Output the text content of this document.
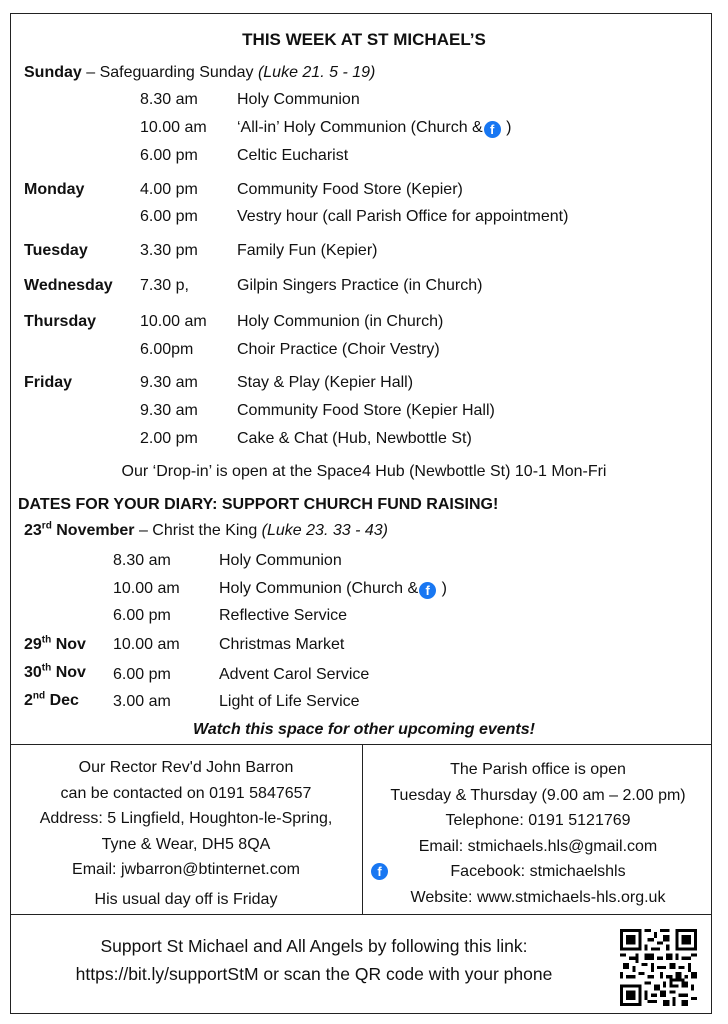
THIS WEEK AT ST MICHAEL’S
Sunday – Safeguarding Sunday (Luke 21. 5 - 19)
8.30 am Holy Communion
10.00 am ‘All-in’ Holy Communion (Church & f )
6.00 pm Celtic Eucharist
Monday	4.00 pm Community Food Store (Kepier)
6.00 pm Vestry hour (call Parish Office for appointment)
Tuesday	3.30 pm Family Fun (Kepier)
Wednesday 7.30 p,	Gilpin Singers Practice (in Church)
Thursday	10.00 am Holy Communion (in Church)
6.00pm	Choir Practice (Choir Vestry)
Friday	9.30 am Stay & Play (Kepier Hall)
9.30 am Community Food Store (Kepier Hall)
2.00 pm Cake & Chat (Hub, Newbottle St)
Our ‘Drop-in’ is open at the Space4 Hub (Newbottle St) 10-1 Mon-Fri
DATES FOR YOUR DIARY: SUPPORT CHURCH FUND RAISING!
23rd November – Christ the King (Luke 23. 33 - 43)
8.30 am	Holy Communion
10.00 am Holy Communion (Church & f )
6.00 pm	Reflective Service
29th Nov 10.00 am Christmas Market
30th Nov 6.00 pm	Advent Carol Service
2nd Dec 3.00 am	Light of Life Service
Watch this space for other upcoming events!
Our Rector Rev'd John Barron
can be contacted on 0191 5847657
Address: 5 Lingfield, Houghton-le-Spring,
Tyne & Wear, DH5 8QA
Email: jwbarron@btinternet.com
His usual day off is Friday
The Parish office is open
Tuesday & Thursday (9.00 am – 2.00 pm)
Telephone: 0191 5121769
Email: stmichaels.hls@gmail.com
f	Facebook: stmichaelshls
Website: www.stmichaels-hls.org.uk
Support St Michael and All Angels by following this link:
https://bit.ly/supportStM or scan the QR code with your phone
